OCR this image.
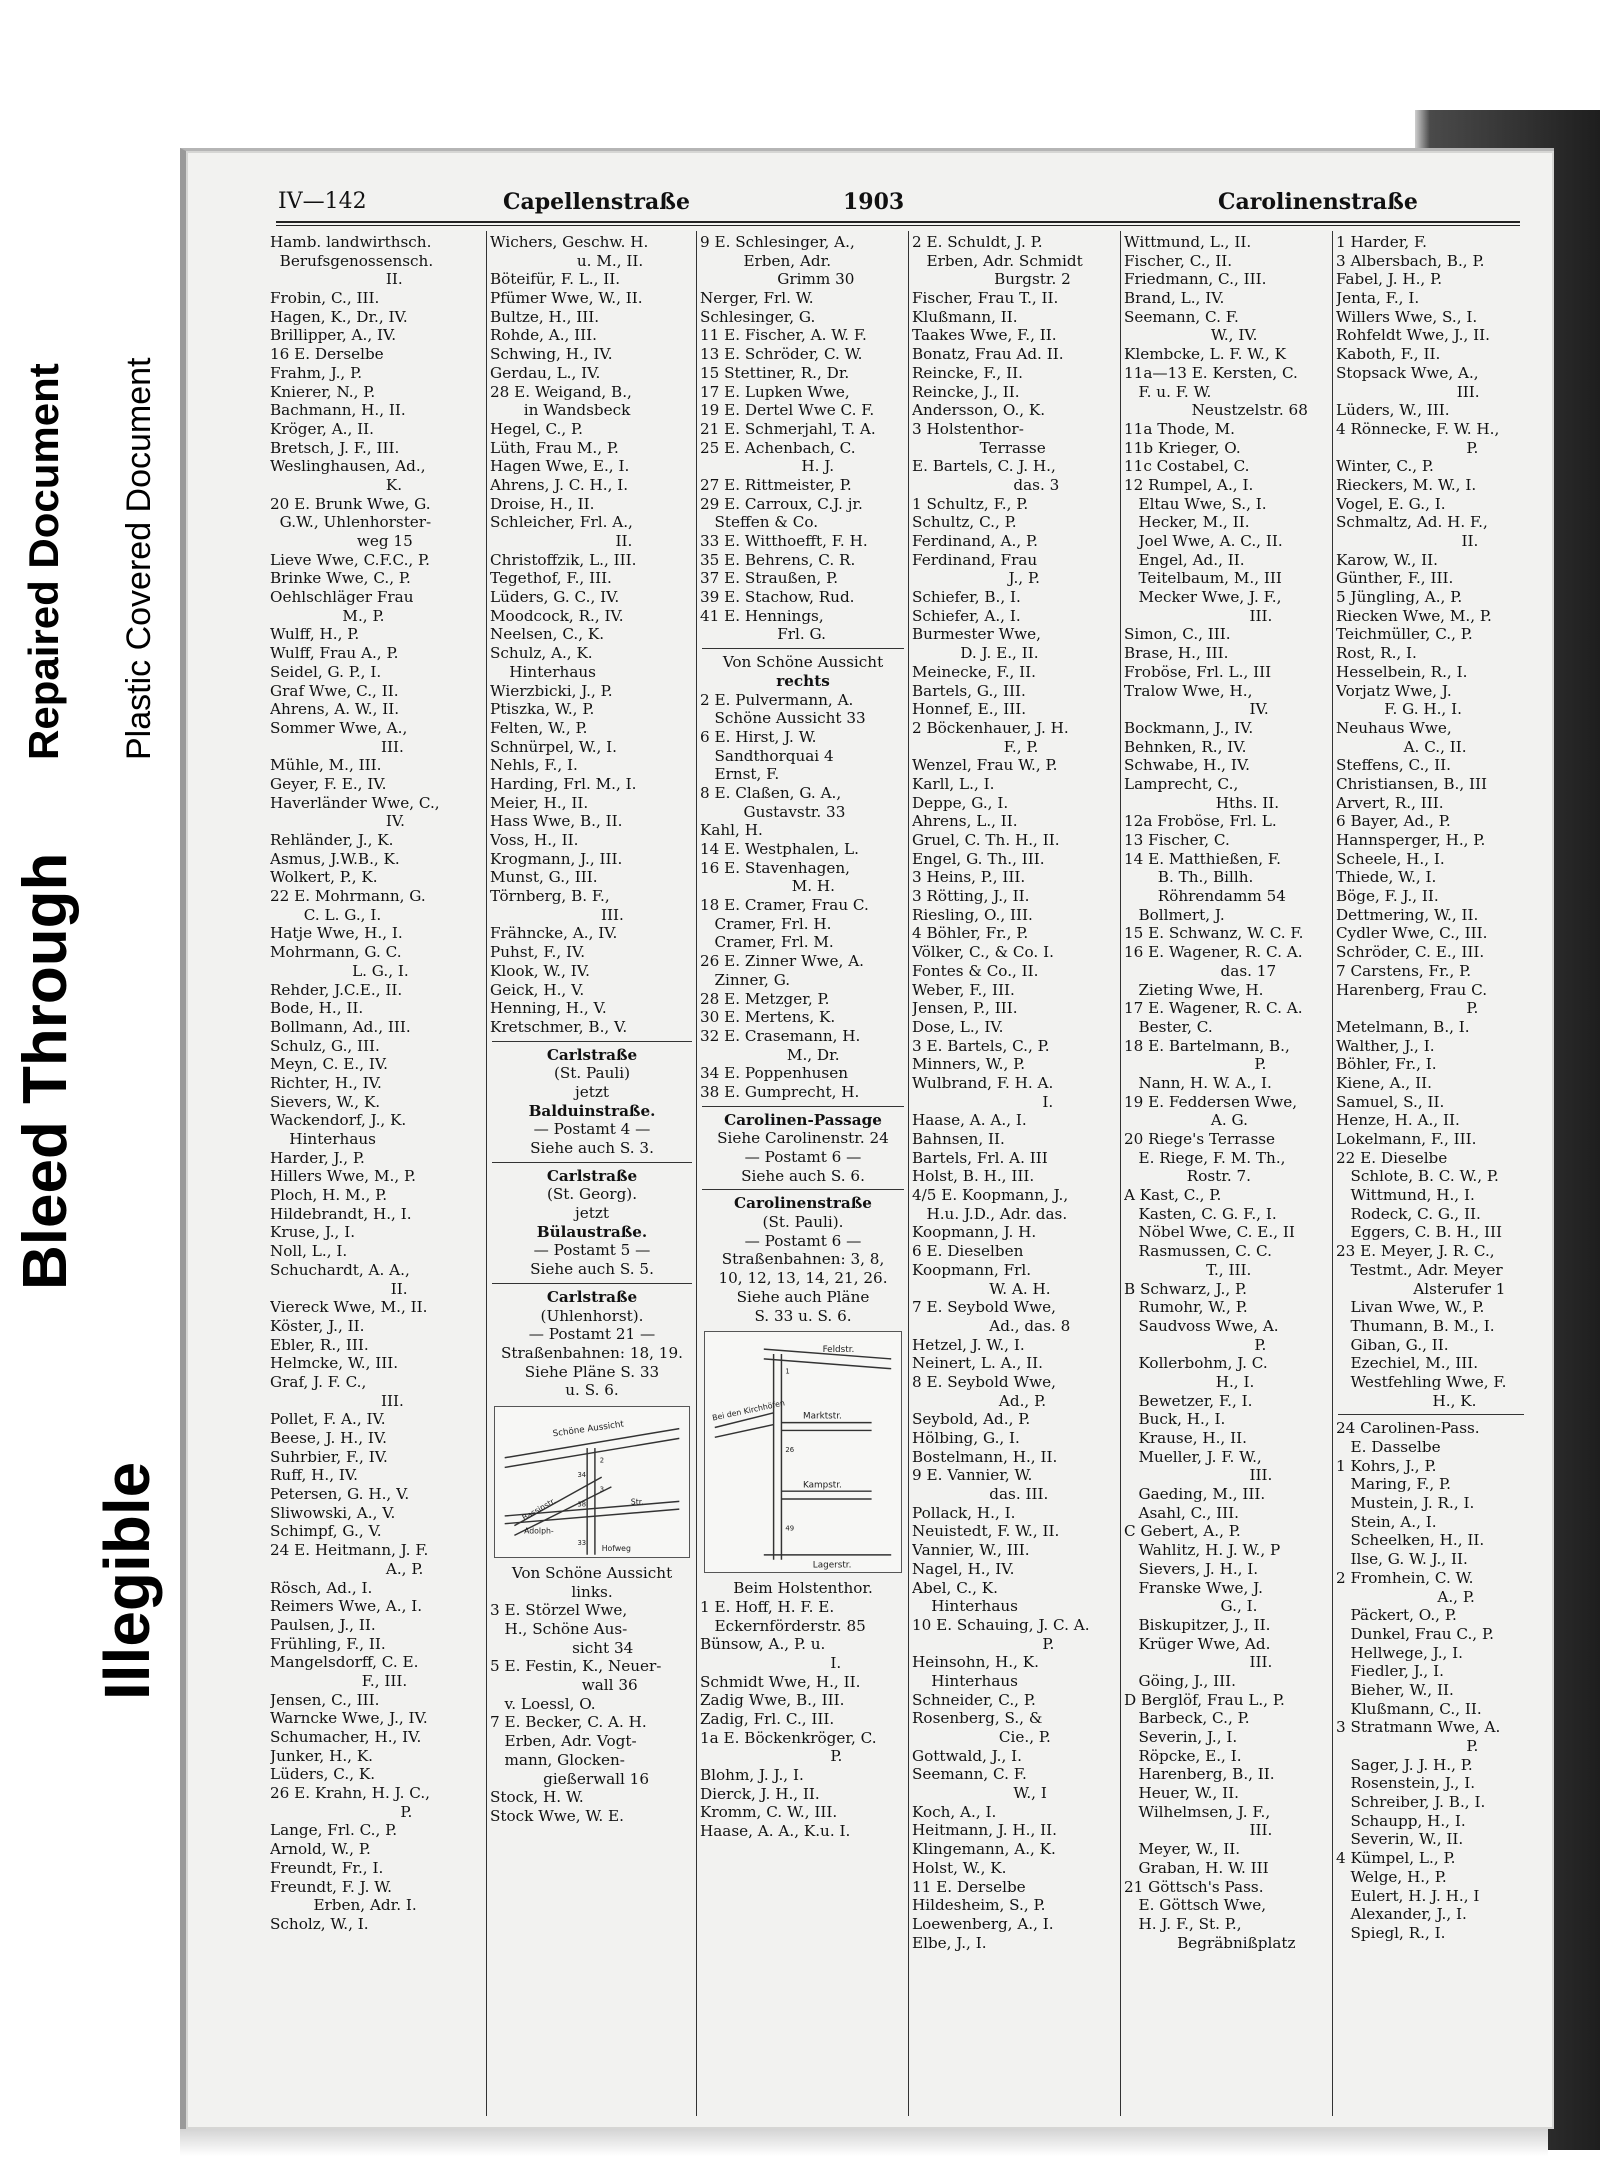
Bleed Through
Repaired Document Plastic Covered Document
Illegible
IV—142	Capellenstraße	1903	Carolinenstraße
Hamb. landwirthsch.
Berufsgenossensch.
II.
Frobin, C., III.
Hagen, K., Dr., IV.
Brillipper, A., IV.
16 E. Derselbe
Frahm, J., P.
Knierer, N., P.
Bachmann, H., II.
Kröger, A., II.
Bretsch, J. F., III.
Weslinghausen, Ad.,
K.
20 E. Brunk Wwe, G.
G.W., Uhlenhorster-
weg 15
Lieve Wwe, C.F.C., P.
Brinke Wwe, C., P.
Oehlschläger Frau
M., P.
Wulff, H., P.
Wulff, Frau A., P.
Seidel, G. P., I.
Graf Wwe, C., II.
Ahrens, A. W., II.
Sommer Wwe, A.,
III.
Mühle, M., III.
Geyer, F. E., IV.
Haverländer Wwe, C.,
IV.
Rehländer, J., K.
Asmus, J.W.B., K.
Wolkert, P., K.
22 E. Mohrmann, G.
C. L. G., I.
Hatje Wwe, H., I.
Mohrmann, G. C.
L. G., I.
Rehder, J.C.E., II.
Bode, H., II.
Bollmann, Ad., III.
Schulz, G., III.
Meyn, C. E., IV.
Richter, H., IV.
Sievers, W., K.
Wackendorf, J., K.
Hinterhaus
Harder, J., P.
Hillers Wwe, M., P.
Ploch, H. M., P.
Hildebrandt, H., I.
Kruse, J., I.
Noll, L., I.
Schuchardt, A. A.,
II.
Viereck Wwe, M., II.
Köster, J., II.
Ebler, R., III.
Helmcke, W., III.
Graf, J. F. C.,
III.
Pollet, F. A., IV.
Beese, J. H., IV.
Suhrbier, F., IV.
Ruff, H., IV.
Petersen, G. H., V.
Sliwowski, A., V.
Schimpf, G., V.
24 E. Heitmann, J. F.
A., P.
Rösch, Ad., I.
Reimers Wwe, A., I.
Paulsen, J., II.
Frühling, F., II.
Mangelsdorff, C. E.
F., III.
Jensen, C., III.
Warncke Wwe, J., IV.
Schumacher, H., IV.
Junker, H., K.
Lüders, C., K.
26 E. Krahn, H. J. C.,
P.
Lange, Frl. C., P.
Arnold, W., P.
Freundt, Fr., I.
Freundt, F. J. W.
Erben, Adr. I.
Scholz, W., I.
Wichers, Geschw. H.
u. M., II.
Böteifür, F. L., II.
Pfümer Wwe, W., II.
Bultze, H., III.
Rohde, A., III.
Schwing, H., IV.
Gerdau, L., IV.
28 E. Weigand, B.,
in Wandsbeck
Hegel, C., P.
Lüth, Frau M., P.
Hagen Wwe, E., I.
Ahrens, J. C. H., I.
Droise, H., II.
Schleicher, Frl. A.,
II.
Christoffzik, L., III.
Tegethof, F., III.
Lüders, G. C., IV.
Moodcock, R., IV.
Neelsen, C., K.
Schulz, A., K.
Hinterhaus
Wierzbicki, J., P.
Ptiszka, W., P.
Felten, W., P.
Schnürpel, W., I.
Nehls, F., I.
Harding, Frl. M., I.
Meier, H., II.
Hass Wwe, B., II.
Voss, H., II.
Krogmann, J., III.
Munst, G., III.
Törnberg, B. F.,
III.
Frähncke, A., IV.
Puhst, F., IV.
Klook, W., IV.
Geick, H., V.
Henning, H., V.
Kretschmer, B., V.
Carlstraße
(St. Pauli)
jetzt
Balduinstraße.
— Postamt 4 —
Siehe auch S. 3.
Carlstraße
(St. Georg).
jetzt
Bülaustraße.
— Postamt 5 —
Siehe auch S. 5.
Carlstraße
(Uhlenhorst).
— Postamt 21 —
Straßenbahnen: 18, 19.
Siehe Pläne S. 33
u. S. 6.
Schöne Aussicht
Bassinstr.
Adolph-
Str.
Hofweg
2
3
34
38
33
Von Schöne Aussicht
links.
3 E. Störzel Wwe,
H., Schöne Aus-
sicht 34
5 E. Festin, K., Neuer-
wall 36
v. Loessl, O.
7 E. Becker, C. A. H.
Erben, Adr. Vogt-
mann, Glocken-
gießerwall 16
Stock, H. W.
Stock Wwe, W. E.
9 E. Schlesinger, A.,
Erben, Adr.
Grimm 30
Nerger, Frl. W.
Schlesinger, G.
11 E. Fischer, A. W. F.
13 E. Schröder, C. W.
15 Stettiner, R., Dr.
17 E. Lupken Wwe,
19 E. Dertel Wwe C. F.
21 E. Schmerjahl, T. A.
25 E. Achenbach, C.
H. J.
27 E. Rittmeister, P.
29 E. Carroux, C.J. jr.
Steffen & Co.
33 E. Witthoefft, F. H.
35 E. Behrens, C. R.
37 E. Straußen, P.
39 E. Stachow, Rud.
41 E. Hennings,
Frl. G.
Von Schöne Aussicht
rechts
2 E. Pulvermann, A.
Schöne Aussicht 33
6 E. Hirst, J. W.
Sandthorquai 4
Ernst, F.
8 E. Claßen, G. A.,
Gustavstr. 33
Kahl, H.
14 E. Westphalen, L.
16 E. Stavenhagen,
M. H.
18 E. Cramer, Frau C.
Cramer, Frl. H.
Cramer, Frl. M.
26 E. Zinner Wwe, A.
Zinner, G.
28 E. Metzger, P.
30 E. Mertens, K.
32 E. Crasemann, H.
M., Dr.
34 E. Poppenhusen
38 E. Gumprecht, H.
Carolinen-Passage
Siehe Carolinenstr. 24
— Postamt 6 —
Siehe auch S. 6.
Carolinenstraße
(St. Pauli).
— Postamt 6 —
Straßenbahnen: 3, 8,
10, 12, 13, 14, 21, 26.
Siehe auch Pläne
S. 33 u. S. 6.
Feldstr.
Bei den Kirchhöfen Marktstr.
Kampstr.
Lagerstr.
1
26
49
Beim Holstenthor.
1 E. Hoff, H. F. E.
Eckernförderstr. 85
Bünsow, A., P. u.
I.
Schmidt Wwe, H., II.
Zadig Wwe, B., III.
Zadig, Frl. C., III.
1a E. Böckenkröger, C.
P.
Blohm, J. J., I.
Dierck, J. H., II.
Kromm, C. W., III.
Haase, A. A., K.u. I.
2 E. Schuldt, J. P.
Erben, Adr. Schmidt
Burgstr. 2
Fischer, Frau T., II.
Klußmann, II.
Taakes Wwe, F., II.
Bonatz, Frau Ad. II.
Reincke, F., II.
Reincke, J., II.
Andersson, O., K.
3 Holstenthor-
Terrasse
E. Bartels, C. J. H.,
das. 3
1 Schultz, F., P.
Schultz, C., P.
Ferdinand, A., P.
Ferdinand, Frau
J., P.
Schiefer, B., I.
Schiefer, A., I.
Burmester Wwe,
D. J. E., II.
Meinecke, F., II.
Bartels, G., III.
Honnef, E., III.
2 Böckenhauer, J. H.
F., P.
Wenzel, Frau W., P.
Karll, L., I.
Deppe, G., I.
Ahrens, L., II.
Gruel, C. Th. H., II.
Engel, G. Th., III.
3 Heins, P., III.
3 Rötting, J., II.
Riesling, O., III.
4 Böhler, Fr., P.
Völker, C., & Co. I.
Fontes & Co., II.
Weber, F., III.
Jensen, P., III.
Dose, L., IV.
3 E. Bartels, C., P.
Minners, W., P.
Wulbrand, F. H. A.
I.
Haase, A. A., I.
Bahnsen, II.
Bartels, Frl. A. III
Holst, B. H., III.
4/5 E. Koopmann, J.,
H.u. J.D., Adr. das.
Koopmann, J. H.
6 E. Dieselben
Koopmann, Frl.
W. A. H.
7 E. Seybold Wwe,
Ad., das. 8
Hetzel, J. W., I.
Neinert, L. A., II.
8 E. Seybold Wwe,
Ad., P.
Seybold, Ad., P.
Hölbing, G., I.
Bostelmann, H., II.
9 E. Vannier, W.
das. III.
Pollack, H., I.
Neuistedt, F. W., II.
Vannier, W., III.
Nagel, H., IV.
Abel, C., K.
Hinterhaus
10 E. Schauing, J. C. A.
P.
Heinsohn, H., K.
Hinterhaus
Schneider, C., P.
Rosenberg, S., &
Cie., P.
Gottwald, J., I.
Seemann, C. F.
W., I
Koch, A., I.
Heitmann, J. H., II.
Klingemann, A., K.
Holst, W., K.
11 E. Derselbe
Hildesheim, S., P.
Loewenberg, A., I.
Elbe, J., I.
Wittmund, L., II.
Fischer, C., II.
Friedmann, C., III.
Brand, L., IV.
Seemann, C. F.
W., IV.
Klembcke, L. F. W., K
11a—13 E. Kersten, C.
F. u. F. W.
Neustzelstr. 68
11a Thode, M.
11b Krieger, O.
11c Costabel, C.
12 Rumpel, A., I.
Eltau Wwe, S., I.
Hecker, M., II.
Joel Wwe, A. C., II.
Engel, Ad., II.
Teitelbaum, M., III
Mecker Wwe, J. F.,
III.
Simon, C., III.
Brase, H., III.
Froböse, Frl. L., III
Tralow Wwe, H.,
IV.
Bockmann, J., IV.
Behnken, R., IV.
Schwabe, H., IV.
Lamprecht, C.,
Hths. II.
12a Froböse, Frl. L.
13 Fischer, C.
14 E. Matthießen, F.
B. Th., Billh.
Röhrendamm 54
Bollmert, J.
15 E. Schwanz, W. C. F.
16 E. Wagener, R. C. A.
das. 17
Zieting Wwe, H.
17 E. Wagener, R. C. A.
Bester, C.
18 E. Bartelmann, B.,
P.
Nann, H. W. A., I.
19 E. Feddersen Wwe,
A. G.
20 Riege's Terrasse
E. Riege, F. M. Th.,
Rostr. 7.
A Kast, C., P.
Kasten, C. G. F., I.
Nöbel Wwe, C. E., II
Rasmussen, C. C.
T., III.
B Schwarz, J., P.
Rumohr, W., P.
Saudvoss Wwe, A.
P.
Kollerbohm, J. C.
H., I.
Bewetzer, F., I.
Buck, H., I.
Krause, H., II.
Mueller, J. F. W.,
III.
Gaeding, M., III.
Asahl, C., III.
C Gebert, A., P.
Wahlitz, H. J. W., P
Sievers, J. H., I.
Franske Wwe, J.
G., I.
Biskupitzer, J., II.
Krüger Wwe, Ad.
III.
Göing, J., III.
D Berglöf, Frau L., P.
Barbeck, C., P.
Severin, J., I.
Röpcke, E., I.
Harenberg, B., II.
Heuer, W., II.
Wilhelmsen, J. F.,
III.
Meyer, W., II.
Graban, H. W. III
21 Göttsch's Pass.
E. Göttsch Wwe,
H. J. F., St. P.,
Begräbnißplatz
1 Harder, F.
3 Albersbach, B., P.
Fabel, J. H., P.
Jenta, F., I.
Willers Wwe, S., I.
Rohfeldt Wwe, J., II.
Kaboth, F., II.
Stopsack Wwe, A.,
III.
Lüders, W., III.
4 Rönnecke, F. W. H.,
P.
Winter, C., P.
Rieckers, M. W., I.
Vogel, E. G., I.
Schmaltz, Ad. H. F.,
II.
Karow, W., II.
Günther, F., III.
5 Jüngling, A., P.
Riecken Wwe, M., P.
Teichmüller, C., P.
Rost, R., I.
Hesselbein, R., I.
Vorjatz Wwe, J.
F. G. H., I.
Neuhaus Wwe,
A. C., II.
Steffens, C., II.
Christiansen, B., III
Arvert, R., III.
6 Bayer, Ad., P.
Hannsperger, H., P.
Scheele, H., I.
Thiede, W., I.
Böge, F. J., II.
Dettmering, W., II.
Cydler Wwe, C., III.
Schröder, C. E., III.
7 Carstens, Fr., P.
Harenberg, Frau C.
P.
Metelmann, B., I.
Walther, J., I.
Böhler, Fr., I.
Kiene, A., II.
Samuel, S., II.
Henze, H. A., II.
Lokelmann, F., III.
22 E. Dieselbe
Schlote, B. C. W., P.
Wittmund, H., I.
Rodeck, C. G., II.
Eggers, C. B. H., III
23 E. Meyer, J. R. C.,
Testmt., Adr. Meyer
Alsterufer 1
Livan Wwe, W., P.
Thumann, B. M., I.
Giban, G., II.
Ezechiel, M., III.
Westfehling Wwe, F.
H., K.
24 Carolinen-Pass.
E. Dasselbe
1 Kohrs, J., P.
Maring, F., P.
Mustein, J. R., I.
Stein, A., I.
Scheelken, H., II.
Ilse, G. W. J., II.
2 Fromhein, C. W.
A., P.
Päckert, O., P.
Dunkel, Frau C., P.
Hellwege, J., I.
Fiedler, J., I.
Bieher, W., II.
Klußmann, C., II.
3 Stratmann Wwe, A.
P.
Sager, J. J. H., P.
Rosenstein, J., I.
Schreiber, J. B., I.
Schaupp, H., I.
Severin, W., II.
4 Kümpel, L., P.
Welge, H., P.
Eulert, H. J. H., I
Alexander, J., I.
Spiegl, R., I.
